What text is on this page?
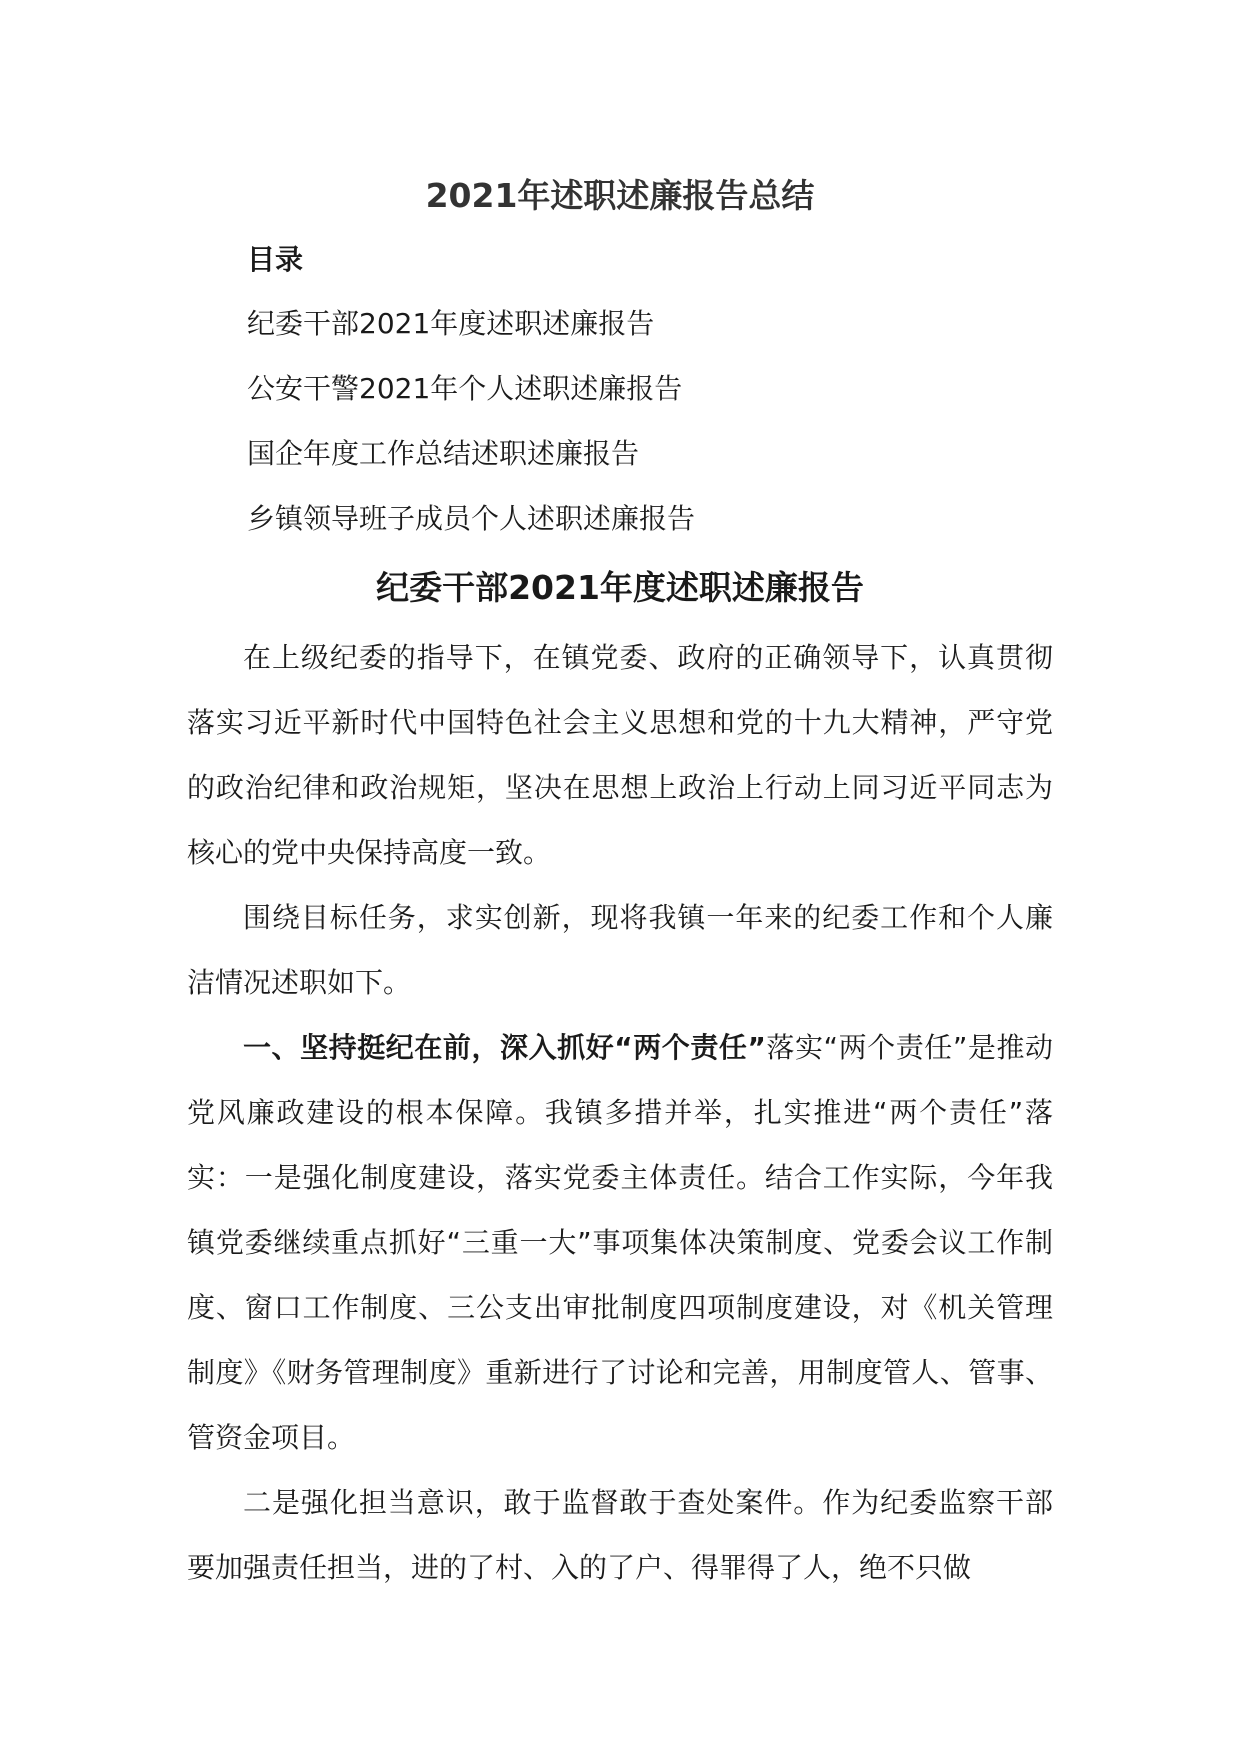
2021年述职述廉报告总结
目录
纪委干部2021年度述职述廉报告
公安干警2021年个人述职述廉报告
国企年度工作总结述职述廉报告
乡镇领导班子成员个人述职述廉报告
纪委干部2021年度述职述廉报告

在上级纪委的指导下，在镇党委、政府的正确领导下，认真贯彻落实习近平新时代中国特色社会主义思想和党的十九大精神，严守党的政治纪律和政治规矩，坚决在思想上政治上行动上同习近平同志为核心的党中央保持高度一致。

围绕目标任务，求实创新，现将我镇一年来的纪委工作和个人廉洁情况述职如下。

一、坚持挺纪在前，深入抓好“两个责任”落实“两个责任”是推动党风廉政建设的根本保障。我镇多措并举，扎实推进“两个责任”落实：一是强化制度建设，落实党委主体责任。结合工作实际，今年我镇党委继续重点抓好“三重一大”事项集体决策制度、党委会议工作制度、窗口工作制度、三公支出审批制度四项制度建设，对《机关管理制度》《财务管理制度》重新进行了讨论和完善，用制度管人、管事、管资金项目。

二是强化担当意识，敢于监督敢于查处案件。作为纪委监察干部要加强责任担当，进的了村、入的了户、得罪得了人，绝不只做
